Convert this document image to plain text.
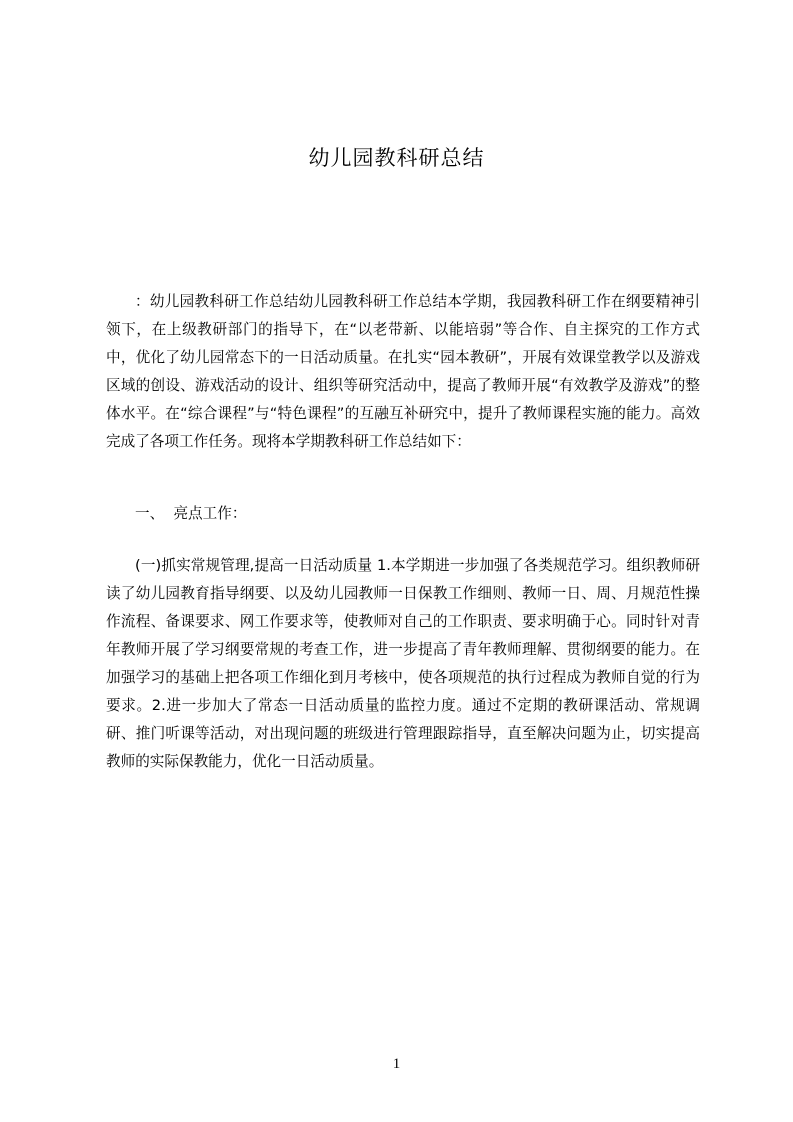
幼儿园教科研总结

：幼儿园教科研工作总结幼儿园教科研工作总结本学期，我园教科研工作在纲要精神引领下，在上级教研部门的指导下，在“以老带新、以能培弱”等合作、自主探究的工作方式中，优化了幼儿园常态下的一日活动质量。在扎实“园本教研”，开展有效课堂教学以及游戏区域的创设、游戏活动的设计、组织等研究活动中，提高了教师开展“有效教学及游戏”的整体水平。在“综合课程”与“特色课程”的互融互补研究中，提升了教师课程实施的能力。高效完成了各项工作任务。现将本学期教科研工作总结如下：

一、  亮点工作：

(一)抓实常规管理,提高一日活动质量 1.本学期进一步加强了各类规范学习。组织教师研读了幼儿园教育指导纲要、以及幼儿园教师一日保教工作细则、教师一日、周、月规范性操作流程、备课要求、网工作要求等，使教师对自己的工作职责、要求明确于心。同时针对青年教师开展了学习纲要常规的考查工作，进一步提高了青年教师理解、贯彻纲要的能力。在加强学习的基础上把各项工作细化到月考核中，使各项规范的执行过程成为教师自觉的行为要求。2.进一步加大了常态一日活动质量的监控力度。通过不定期的教研课活动、常规调研、推门听课等活动，对出现问题的班级进行管理跟踪指导，直至解决问题为止，切实提高教师的实际保教能力，优化一日活动质量。

1
